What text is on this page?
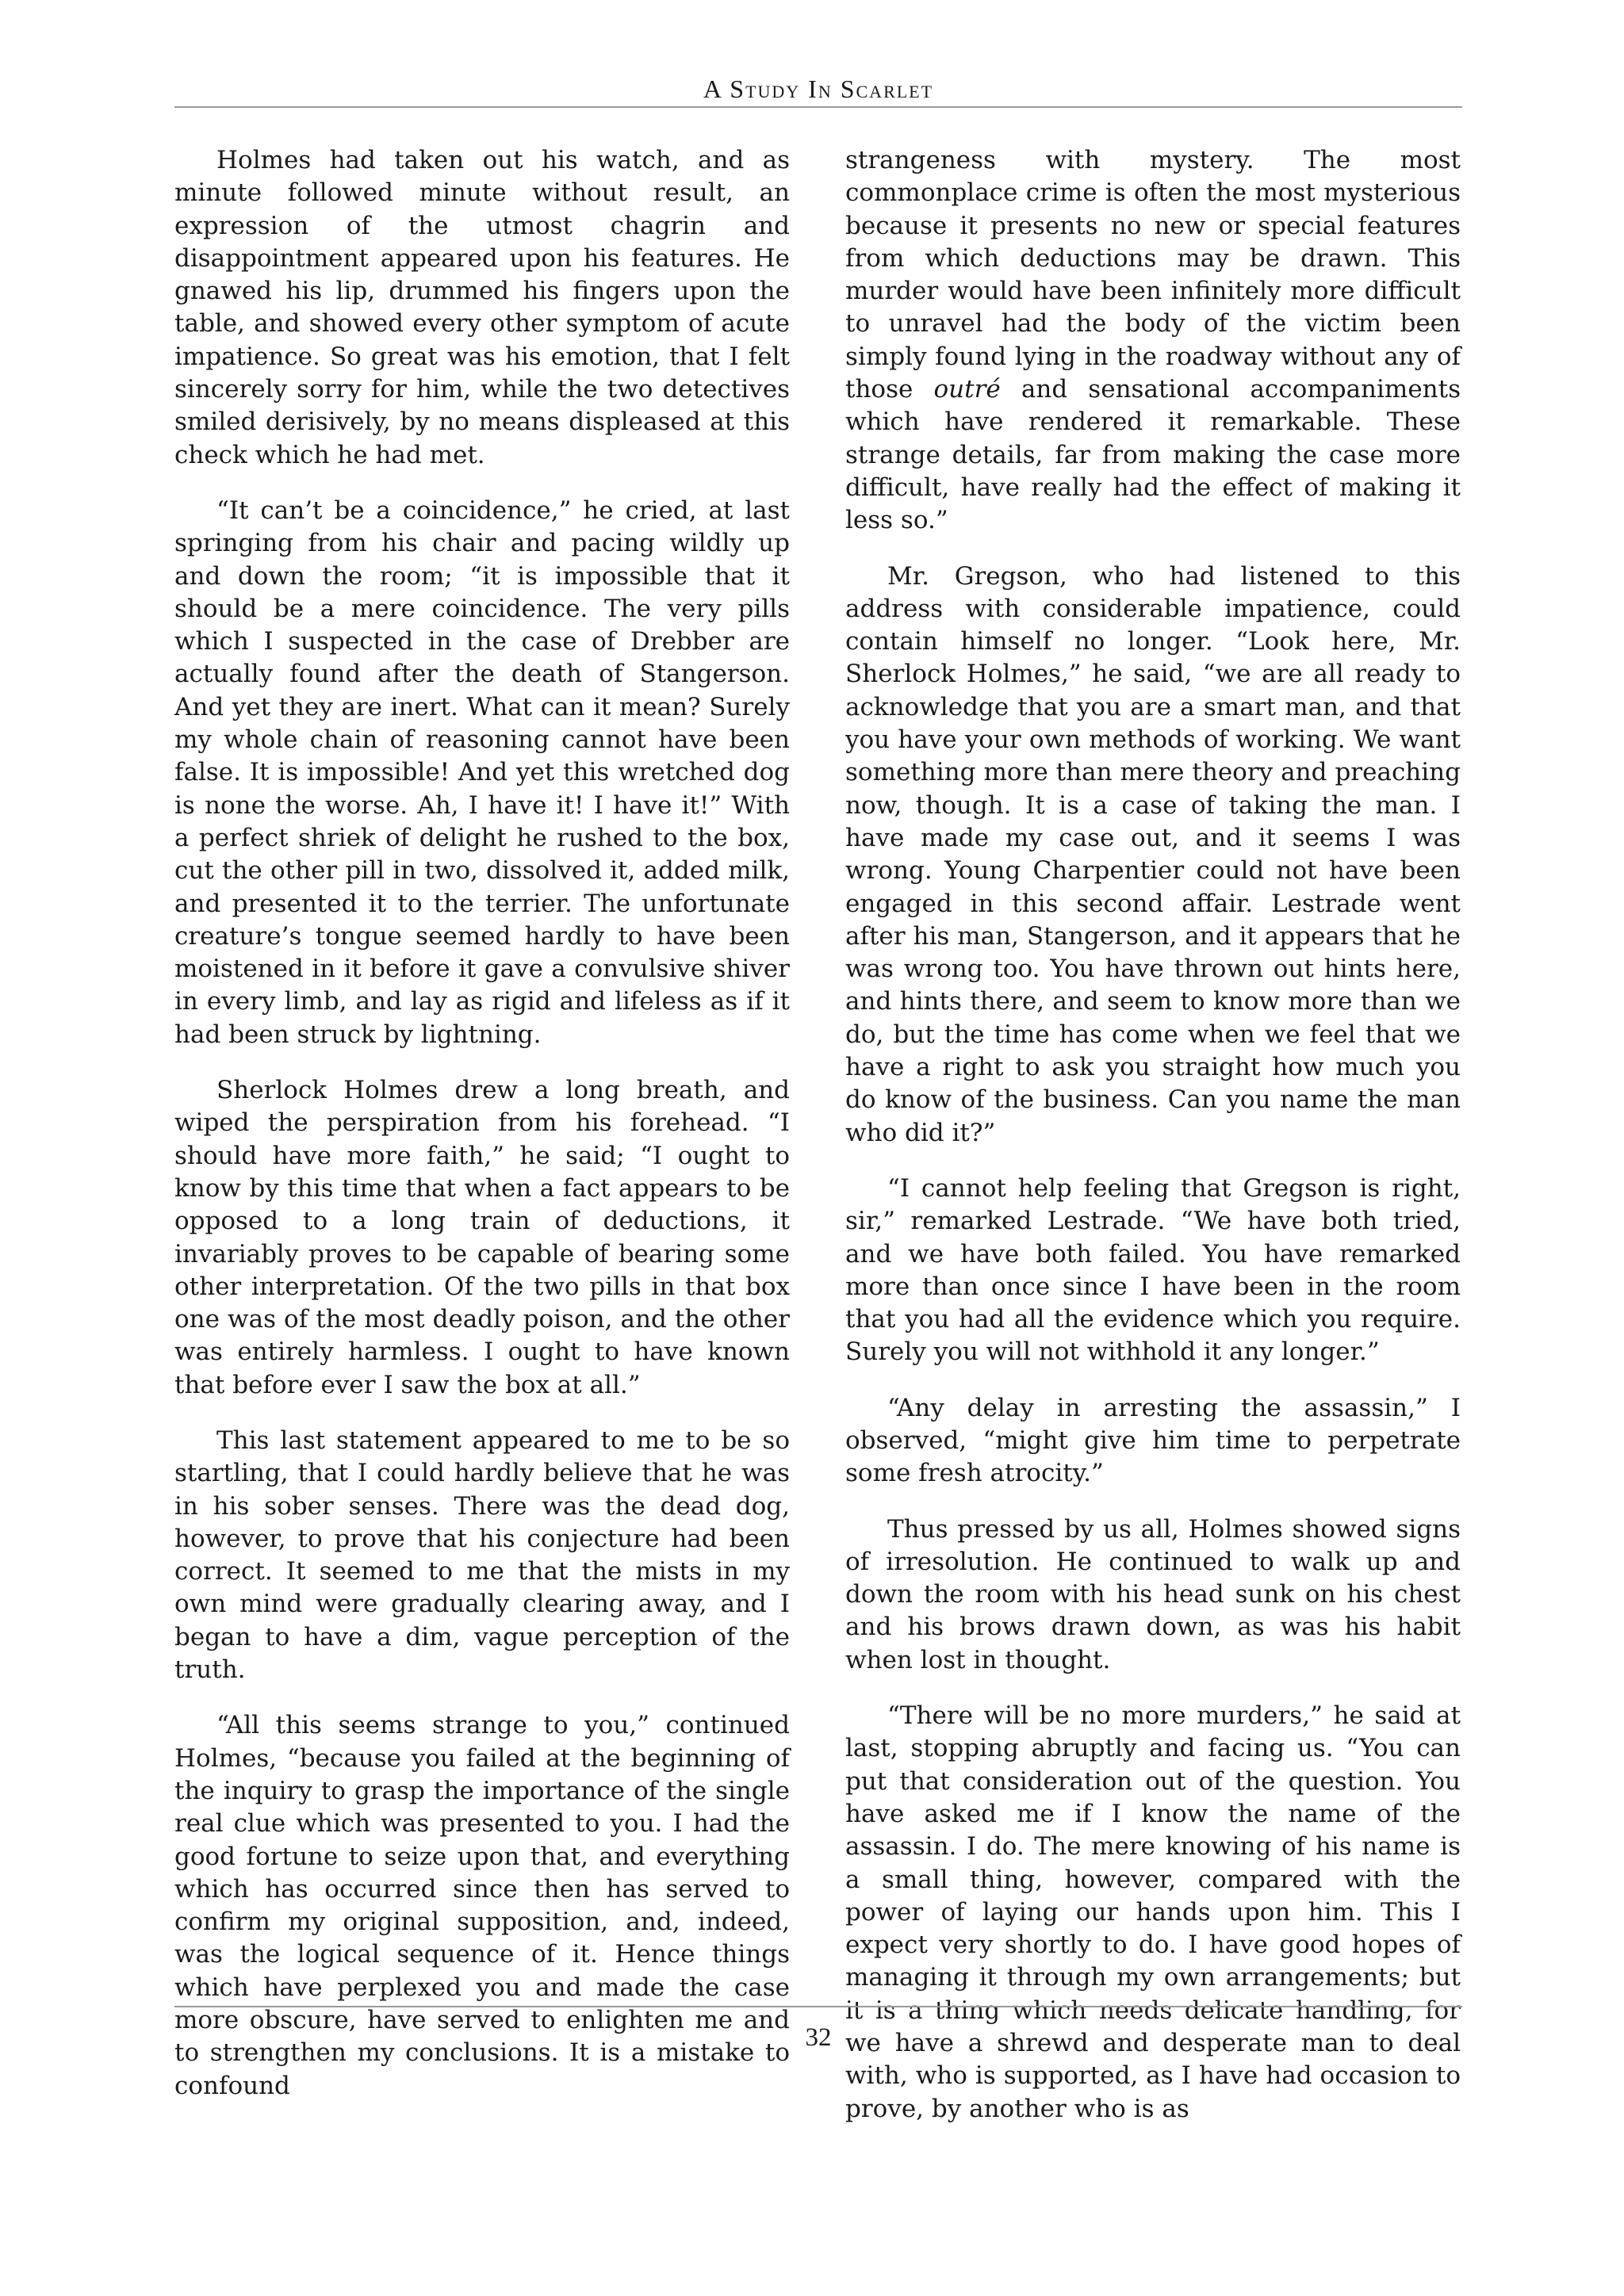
A Study In Scarlet

Holmes had taken out his watch, and as minute followed minute without result, an expression of the utmost chagrin and disappointment appeared upon his features. He gnawed his lip, drummed his fingers upon the table, and showed every other symptom of acute impatience. So great was his emotion, that I felt sincerely sorry for him, while the two detectives smiled derisively, by no means displeased at this check which he had met.

“It can’t be a coincidence,” he cried, at last springing from his chair and pacing wildly up and down the room; “it is impossible that it should be a mere coincidence. The very pills which I suspected in the case of Drebber are actually found after the death of Stangerson. And yet they are inert. What can it mean? Surely my whole chain of reasoning cannot have been false. It is impossible! And yet this wretched dog is none the worse. Ah, I have it! I have it!” With a perfect shriek of delight he rushed to the box, cut the other pill in two, dissolved it, added milk, and presented it to the terrier. The unfortunate creature’s tongue seemed hardly to have been moistened in it before it gave a convulsive shiver in every limb, and lay as rigid and lifeless as if it had been struck by lightning.

Sherlock Holmes drew a long breath, and wiped the perspiration from his forehead. “I should have more faith,” he said; “I ought to know by this time that when a fact appears to be opposed to a long train of deductions, it invariably proves to be capable of bearing some other interpretation. Of the two pills in that box one was of the most deadly poison, and the other was entirely harmless. I ought to have known that before ever I saw the box at all.”

This last statement appeared to me to be so startling, that I could hardly believe that he was in his sober senses. There was the dead dog, however, to prove that his conjecture had been correct. It seemed to me that the mists in my own mind were gradually clearing away, and I began to have a dim, vague perception of the truth.

“All this seems strange to you,” continued Holmes, “because you failed at the beginning of the inquiry to grasp the importance of the single real clue which was presented to you. I had the good fortune to seize upon that, and everything which has occurred since then has served to confirm my original supposition, and, indeed, was the logical sequence of it. Hence things which have perplexed you and made the case more obscure, have served to enlighten me and to strengthen my conclusions. It is a mistake to confound

strangeness with mystery. The most commonplace crime is often the most mysterious because it presents no new or special features from which deductions may be drawn. This murder would have been infinitely more difficult to unravel had the body of the victim been simply found lying in the roadway without any of those outré and sensational accompaniments which have rendered it remarkable. These strange details, far from making the case more difficult, have really had the effect of making it less so.”

Mr. Gregson, who had listened to this address with considerable impatience, could contain himself no longer. “Look here, Mr. Sherlock Holmes,” he said, “we are all ready to acknowledge that you are a smart man, and that you have your own methods of working. We want something more than mere theory and preaching now, though. It is a case of taking the man. I have made my case out, and it seems I was wrong. Young Charpentier could not have been engaged in this second affair. Lestrade went after his man, Stangerson, and it appears that he was wrong too. You have thrown out hints here, and hints there, and seem to know more than we do, but the time has come when we feel that we have a right to ask you straight how much you do know of the business. Can you name the man who did it?”

“I cannot help feeling that Gregson is right, sir,” remarked Lestrade. “We have both tried, and we have both failed. You have remarked more than once since I have been in the room that you had all the evidence which you require. Surely you will not withhold it any longer.”

“Any delay in arresting the assassin,” I observed, “might give him time to perpetrate some fresh atrocity.”

Thus pressed by us all, Holmes showed signs of irresolution. He continued to walk up and down the room with his head sunk on his chest and his brows drawn down, as was his habit when lost in thought.

“There will be no more murders,” he said at last, stopping abruptly and facing us. “You can put that consideration out of the question. You have asked me if I know the name of the assassin. I do. The mere knowing of his name is a small thing, however, compared with the power of laying our hands upon him. This I expect very shortly to do. I have good hopes of managing it through my own arrangements; but it is a thing which needs delicate handling, for we have a shrewd and desperate man to deal with, who is supported, as I have had occasion to prove, by another who is as

32
